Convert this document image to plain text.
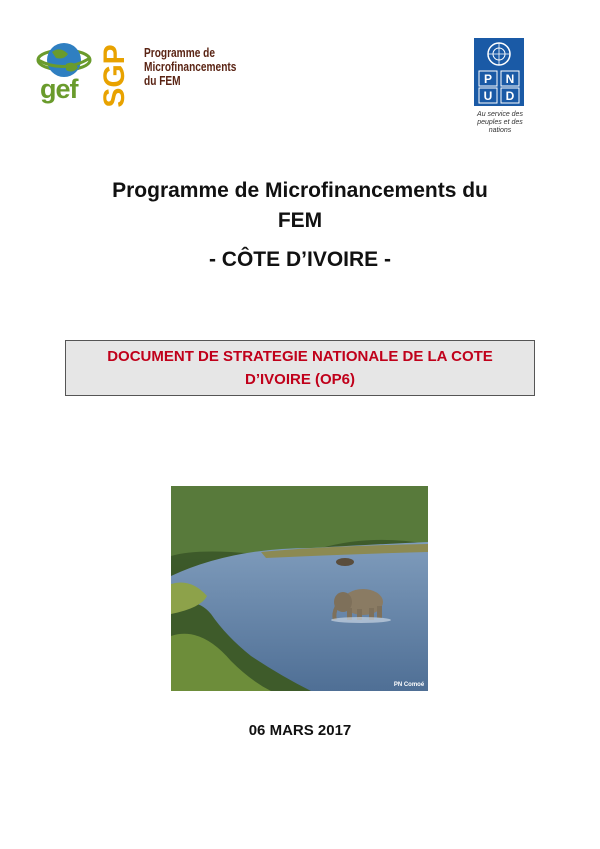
gef SGP Programme de
Microfinancements
du FEM	P N
U D
Au service des peuples et des nations
Programme de Microfinancements du
FEM
- CÔTE D’IVOIRE -
DOCUMENT DE STRATEGIE NATIONALE DE LA COTE D’IVOIRE (OP6)
PN Comoé
06 MARS 2017
